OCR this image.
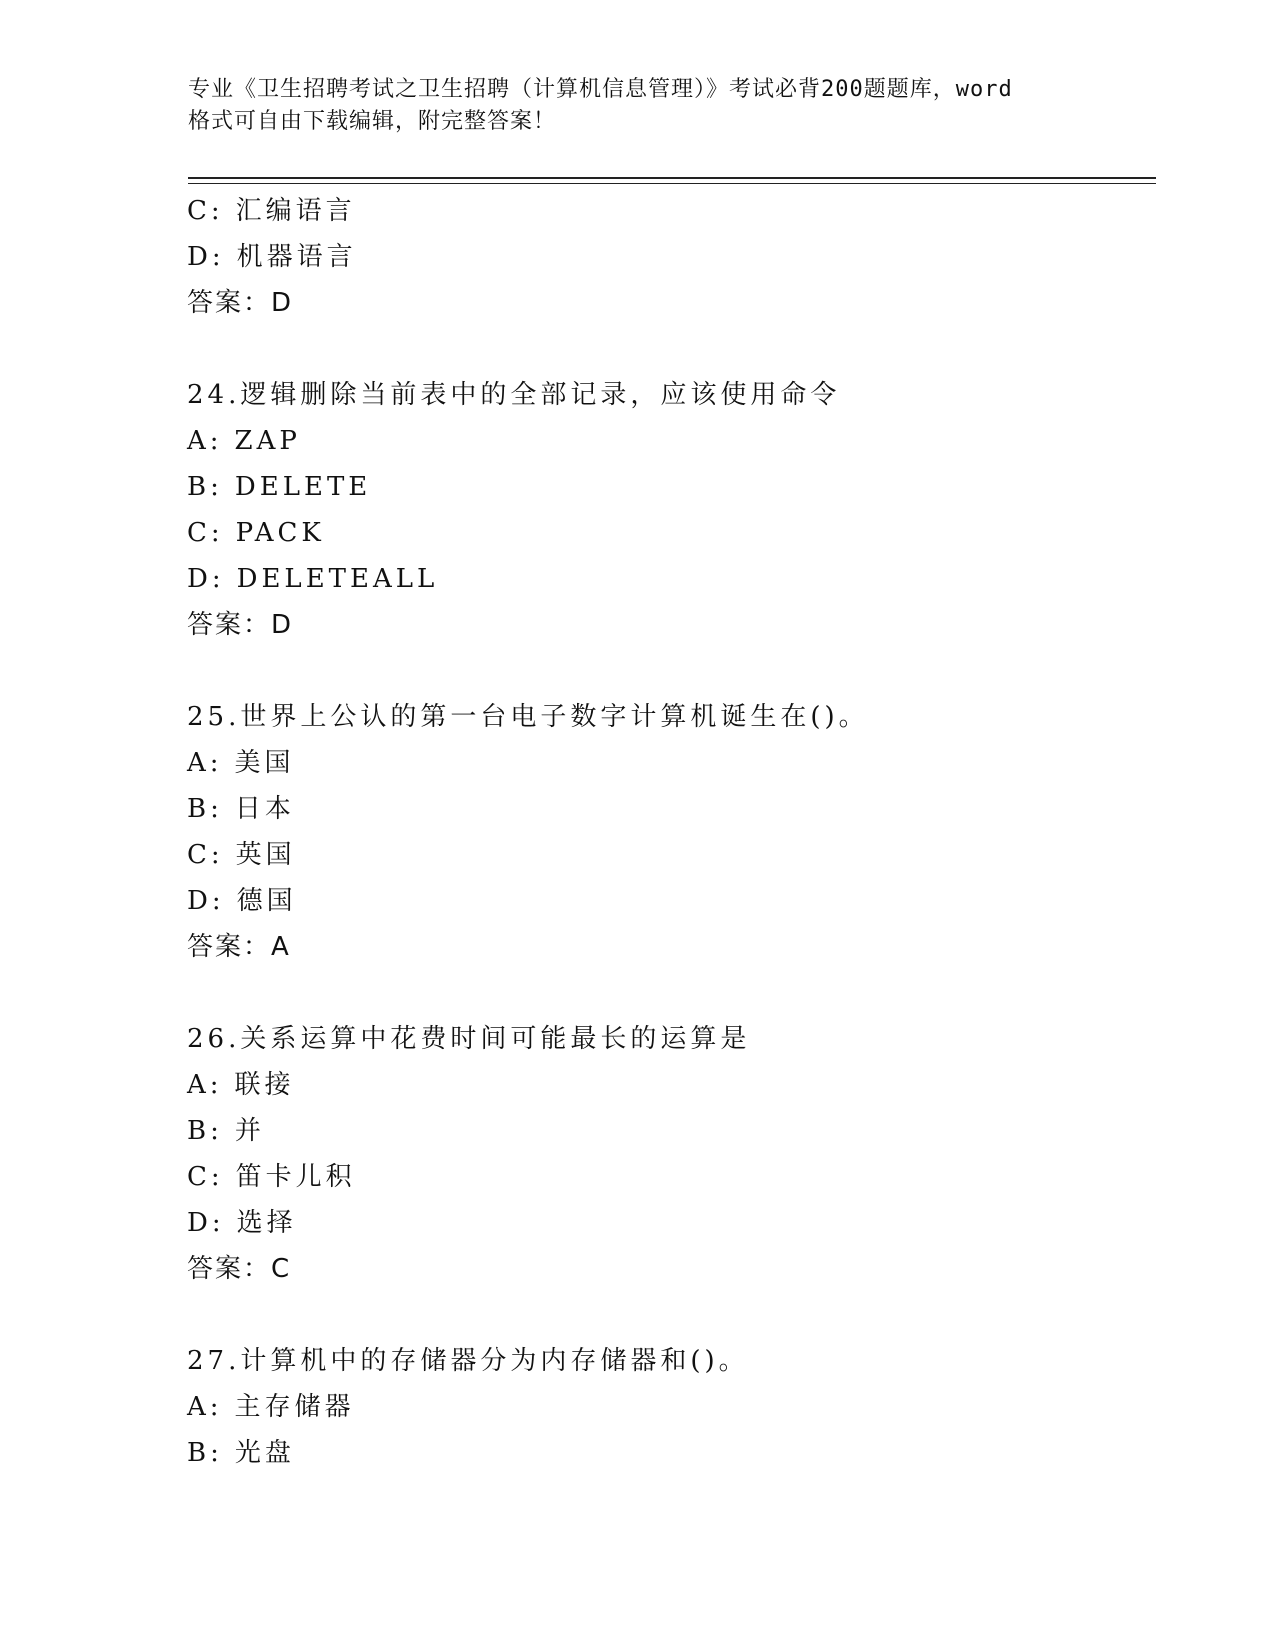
专业《卫生招聘考试之卫生招聘（计算机信息管理）》考试必背200题题库，word
格式可自由下载编辑，附完整答案！
C: 汇编语言
D: 机器语言
答案：D
24.逻辑删除当前表中的全部记录，应该使用命令
A: ZAP
B: DELETE
C: PACK
D: DELETEALL
答案：D
25.世界上公认的第一台电子数字计算机诞生在()。
A: 美国
B: 日本
C: 英国
D: 德国
答案：A
26.关系运算中花费时间可能最长的运算是
A: 联接
B: 并
C: 笛卡儿积
D: 选择
答案：C
27.计算机中的存储器分为内存储器和()。
A: 主存储器
B: 光盘
